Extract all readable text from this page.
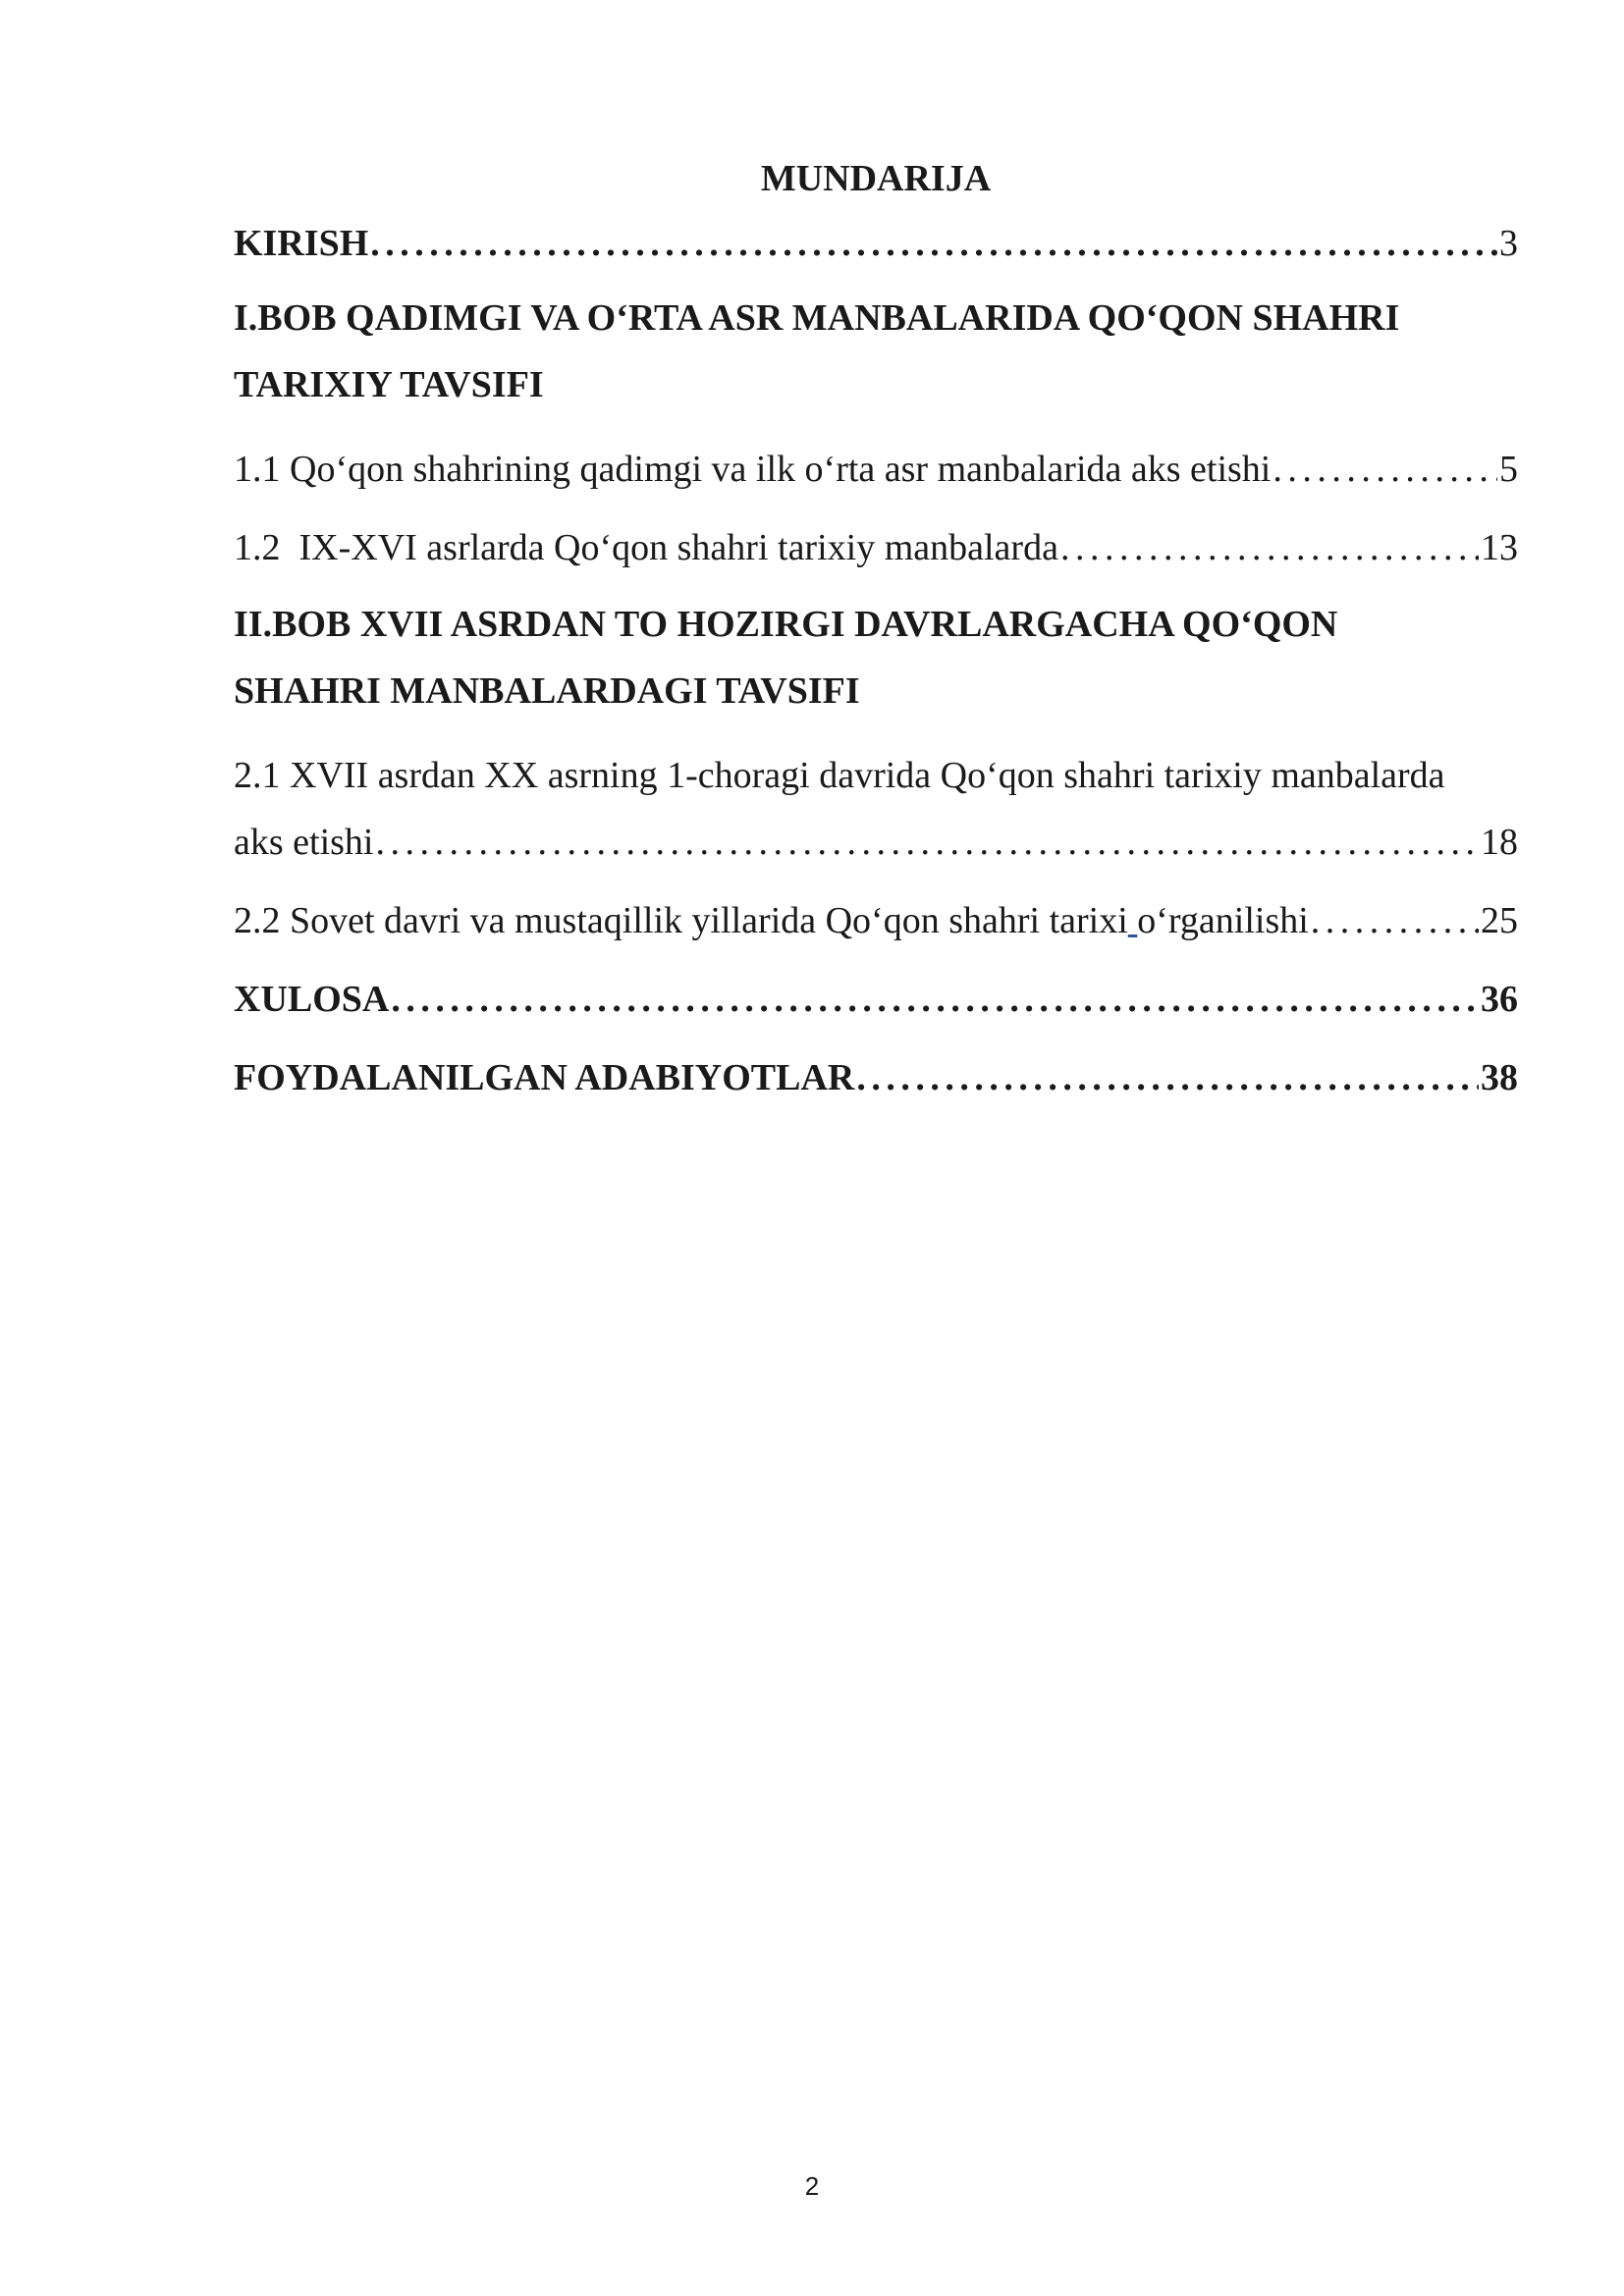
MUNDARIJA
KIRISH . . .	3
I.BOB QADIMGI VA O‘RTA ASR MANBALARIDA QO‘QON SHAHRI
TARIXIY TAVSIFI
1.1 Qo‘qon shahrining qadimgi va ilk o‘rta asr manbalarida aks etishi . . .	5
1.2  IX-XVI asrlarda Qo‘qon shahri tarixiy manbalarda . . .	13
II.BOB XVII ASRDAN TO HOZIRGI DAVRLARGACHA QO‘QON
SHAHRI MANBALARDAGI TAVSIFI
2.1 XVII asrdan XX asrning 1-choragi davrida Qo‘qon shahri tarixiy manbalarda
aks etishi . . .	18
2.2 Sovet davri va mustaqillik yillarida Qo‘qon shahri tarixi o‘rganilishi . . .	25
XULOSA . . .	36
FOYDALANILGAN ADABIYOTLAR . . .	38
2
